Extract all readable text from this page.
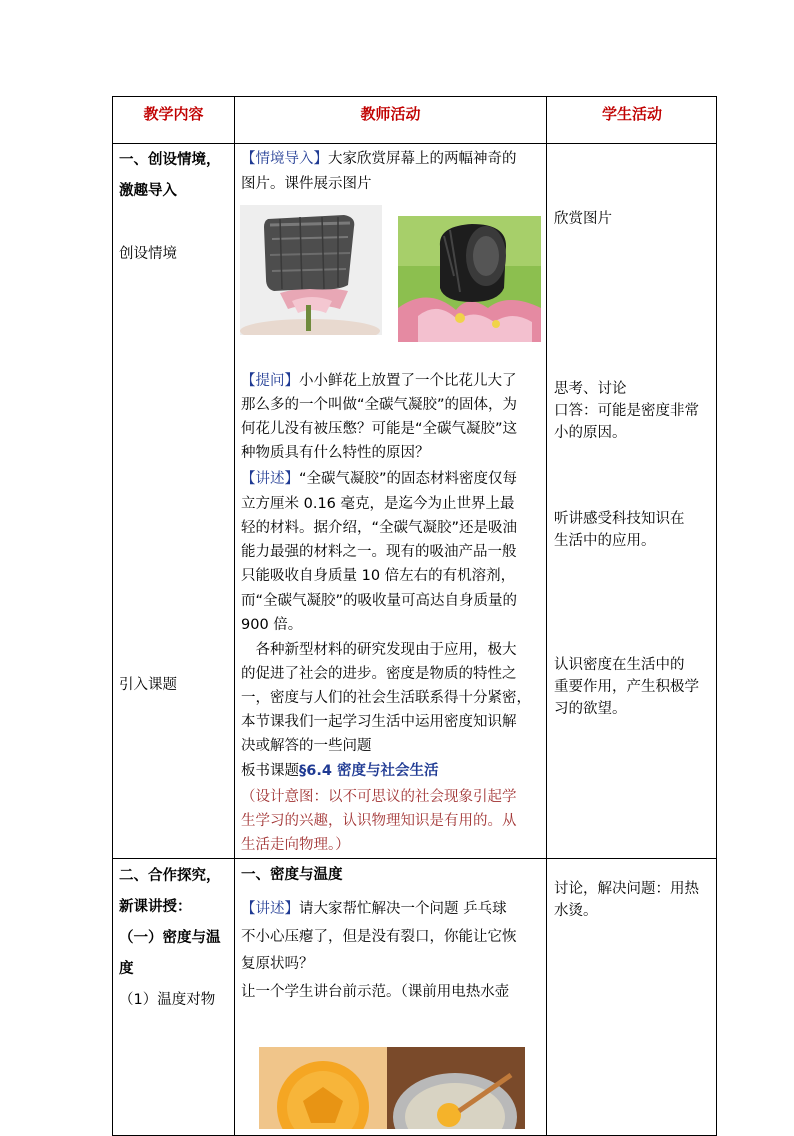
教学内容	教师活动	学生活动
一、创设情境，
激趣导入
创设情境
引入课题
【情境导入】大家欣赏屏幕上的两幅神奇的
图片。课件展示图片
【提问】小小鲜花上放置了一个比花儿大了
那么多的一个叫做“全碳气凝胶”的固体，为
何花儿没有被压憋？可能是“全碳气凝胶”这
种物质具有什么特性的原因？
【讲述】“全碳气凝胶”的固态材料密度仅每
立方厘米 0.16 毫克，是迄今为止世界上最
轻的材料。据介绍，“全碳气凝胶”还是吸油
能力最强的材料之一。现有的吸油产品一般
只能吸收自身质量 10 倍左右的有机溶剂，
而“全碳气凝胶”的吸收量可高达自身质量的
900 倍。
　各种新型材料的研究发现由于应用，极大
的促进了社会的进步。密度是物质的特性之
一，密度与人们的社会生活联系得十分紧密，
本节课我们一起学习生活中运用密度知识解
决或解答的一些问题
板书课题§6.4 密度与社会生活
（设计意图：以不可思议的社会现象引起学
生学习的兴趣，认识物理知识是有用的。从
生活走向物理。）
欣赏图片
思考、讨论
口答：可能是密度非常
小的原因。
听讲感受科技知识在
生活中的应用。
认识密度在生活中的
重要作用，产生积极学
习的欲望。
二、合作探究，
新课讲授：
（一）密度与温
度
（1）温度对物
一、密度与温度
【讲述】请大家帮忙解决一个问题 乒乓球
不小心压瘪了，但是没有裂口，你能让它恢
复原状吗？
让一个学生讲台前示范。（课前用电热水壶
讨论，解决问题：用热
水烫。
